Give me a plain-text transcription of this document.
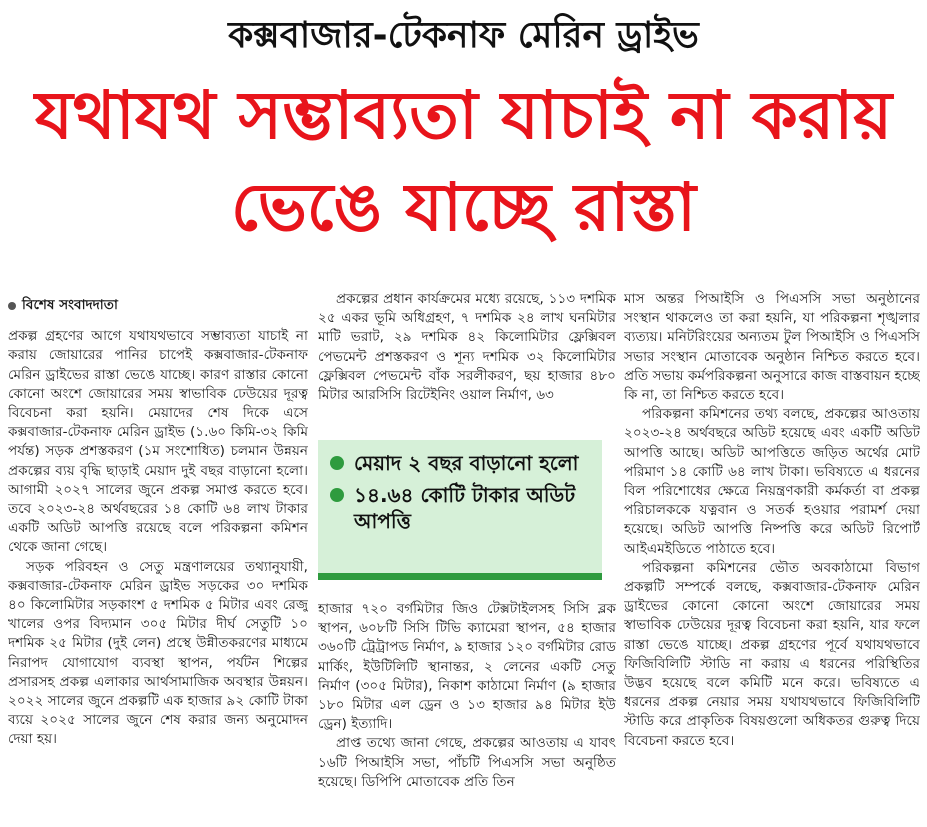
কক্সবাজার-টেকনাফ মেরিন ড্রাইভ
যথাযথ সম্ভাব্যতা যাচাই না করায় ভেঙে যাচ্ছে রাস্তা
বিশেষ সংবাদদাতা

প্রকল্প গ্রহণের আগে যথাযথভাবে সম্ভাব্যতা যাচাই না করায় জোয়ারের পানির চাপেই কক্সবাজার-টেকনাফ মেরিন ড্রাইভের রাস্তা ভেঙে যাচ্ছে। কারণ রাস্তার কোনো কোনো অংশে জোয়ারের সময় স্বাভাবিক ঢেউয়ের দূরত্ব বিবেচনা করা হয়নি। মেয়াদের শেষ দিকে এসে কক্সবাজার-টেকনাফ মেরিন ড্রাইভ (১.৬০ কিমি-৩২ কিমি পর্যন্ত) সড়ক প্রশস্তকরণ (১ম সংশোধিত) চলমান উন্নয়ন প্রকল্পের ব্যয় বৃদ্ধি ছাড়াই মেয়াদ দুই বছর বাড়ানো হলো। আগামী ২০২৭ সালের জুনে প্রকল্প সমাপ্ত করতে হবে। তবে ২০২৩-২৪ অর্থবছরের ১৪ কোটি ৬৪ লাখ টাকার একটি অডিট আপত্তি রয়েছে বলে পরিকল্পনা কমিশন থেকে জানা গেছে।

সড়ক পরিবহন ও সেতু মন্ত্রণালয়ের তথ্যানুযায়ী, কক্সবাজার-টেকনাফ মেরিন ড্রাইভ সড়কের ৩০ দশমিক ৪০ কিলোমিটার সড়কাংশ ৫ দশমিক ৫ মিটার এবং রেজু খালের ওপর বিদ্যমান ৩০৫ মিটার দীর্ঘ সেতুটি ১০ দশমিক ২৫ মিটার (দুই লেন) প্রস্থে উন্নীতকরণের মাধ্যমে নিরাপদ যোগাযোগ ব্যবস্থা স্থাপন, পর্যটন শিল্পের প্রসারসহ প্রকল্প এলাকার আর্থসামাজিক অবস্থার উন্নয়ন। ২০২২ সালের জুনে প্রকল্পটি এক হাজার ৯২ কোটি টাকা ব্যয়ে ২০২৫ সালের জুনে শেষ করার জন্য অনুমোদন দেয়া হয়।

প্রকল্পের প্রধান কার্যক্রমের মধ্যে রয়েছে, ১১৩ দশমিক ২৫ একর ভূমি অধিগ্রহণ, ৭ দশমিক ২৪ লাখ ঘনমিটার মাটি ভরাট, ২৯ দশমিক ৪২ কিলোমিটার ফ্লেক্সিবল পেভমেন্ট প্রশস্তকরণ ও শূন্য দশমিক ৩২ কিলোমিটার ফ্লেক্সিবল পেভমেন্ট বাঁক সরলীকরণ, ছয় হাজার ৪৮০ মিটার আরসিসি রিটেইনিং ওয়াল নির্মাণ, ৬৩

মেয়াদ ২ বছর বাড়ানো হলো
১৪.৬৪ কোটি টাকার অডিট আপত্তি

হাজার ৭২০ বর্গমিটার জিও টেক্সটাইলসহ সিসি ব্লক স্থাপন, ৬০৮টি সিসি টিভি ক্যামেরা স্থাপন, ৫৪ হাজার ৩৬০টি ট্রেট্রাপড নির্মাণ, ৯ হাজার ১২০ বর্গমিটার রোড মার্কিং, ইউটিলিটি স্থানান্তর, ২ লেনের একটি সেতু নির্মাণ (৩০৫ মিটার), নিকাশ কাঠামো নির্মাণ (৯ হাজার ১৮০ মিটার এল ড্রেন ও ১৩ হাজার ৯৪ মিটার ইউ ড্রেন) ইত্যাদি।

প্রাপ্ত তথ্যে জানা গেছে, প্রকল্পের আওতায় এ যাবৎ ১৬টি পিআইসি সভা, পাঁচটি পিএসসি সভা অনুষ্ঠিত হয়েছে। ডিপিপি মোতাবেক প্রতি তিন

মাস অন্তর পিআইসি ও পিএসসি সভা অনুষ্ঠানের সংস্থান থাকলেও তা করা হয়নি, যা পরিকল্পনা শৃঙ্খলার ব্যত্যয়। মনিটরিংয়ের অন্যতম টুল পিআইসি ও পিএসসি সভার সংস্থান মোতাবেক অনুষ্ঠান নিশ্চিত করতে হবে। প্রতি সভায় কর্মপরিকল্পনা অনুসারে কাজ বাস্তবায়ন হচ্ছে কি না, তা নিশ্চিত করতে হবে।

পরিকল্পনা কমিশনের তথ্য বলছে, প্রকল্পের আওতায় ২০২৩-২৪ অর্থবছরে অডিট হয়েছে এবং একটি অডিট আপত্তি আছে। অডিট আপত্তিতে জড়িত অর্থের মোট পরিমাণ ১৪ কোটি ৬৪ লাখ টাকা। ভবিষ্যতে এ ধরনের বিল পরিশোধের ক্ষেত্রে নিয়ন্ত্রণকারী কর্মকর্তা বা প্রকল্প পরিচালককে যত্নবান ও সতর্ক হওয়ার পরামর্শ দেয়া হয়েছে। অডিট আপত্তি নিষ্পত্তি করে অডিট রিপোর্ট আইএমইডিতে পাঠাতে হবে।

পরিকল্পনা কমিশনের ভৌত অবকাঠামো বিভাগ প্রকল্পটি সম্পর্কে বলছে, কক্সবাজার-টেকনাফ মেরিন ড্রাইভের কোনো কোনো অংশে জোয়ারের সময় স্বাভাবিক ঢেউয়ের দূরত্ব বিবেচনা করা হয়নি, যার ফলে রাস্তা ভেঙে যাচ্ছে। প্রকল্প গ্রহণের পূর্বে যথাযথভাবে ফিজিবিলিটি স্টাডি না করায় এ ধরনের পরিস্থিতির উদ্ভব হয়েছে বলে কমিটি মনে করে। ভবিষ্যতে এ ধরনের প্রকল্প নেয়ার সময় যথাযথভাবে ফিজিবিলিটি স্টাডি করে প্রাকৃতিক বিষয়গুলো অধিকতর গুরুত্ব দিয়ে বিবেচনা করতে হবে।
